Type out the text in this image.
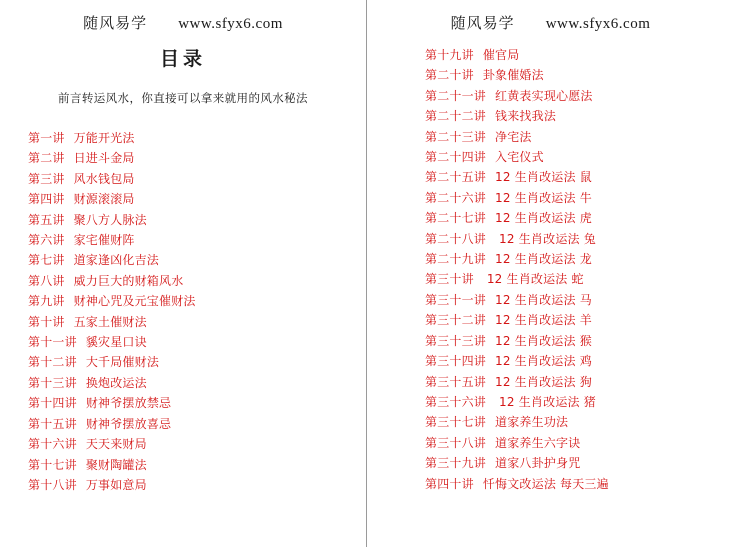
随风易学 www.sfyx6.com
目录
前言转运风水，你直接可以拿来就用的风水秘法
第一讲 万能开光法
第二讲 日进斗金局
第三讲 风水钱包局
第四讲 财源滚滚局
第五讲 聚八方人脉法
第六讲 家宅催财阵
第七讲 道家逢凶化吉法
第八讲 威力巨大的财箱风水
第九讲 财神心咒及元宝催财法
第十讲 五家土催财法
第十一讲 貕灾星口诀
第十二讲 大千局催财法
第十三讲 换炮改运法
第十四讲 财神爷摆放禁忌
第十五讲 财神爷摆放喜忌
第十六讲 天天来财局
第十七讲 聚财陶罐法
第十八讲 万事如意局
随风易学 www.sfyx6.com
第十九讲 催官局
第二十讲 卦象催婚法
第二十一讲 红黄表实现心愿法
第二十二讲 钱来找我法
第二十三讲 净宅法
第二十四讲 入宅仪式
第二十五讲 12 生肖改运法 鼠
第二十六讲 12 生肖改运法 牛
第二十七讲 12 生肖改运法 虎
第二十八讲 12 生肖改运法 兔
第二十九讲 12 生肖改运法 龙
第三十讲 12 生肖改运法 蛇
第三十一讲 12 生肖改运法 马
第三十二讲 12 生肖改运法 羊
第三十三讲 12 生肖改运法 猴
第三十四讲 12 生肖改运法 鸡
第三十五讲 12 生肖改运法 狗
第三十六讲 12 生肖改运法 猪
第三十七讲 道家养生功法
第三十八讲 道家养生六字诀
第三十九讲 道家八卦护身咒
第四十讲 忏悔文改运法 每天三遍
